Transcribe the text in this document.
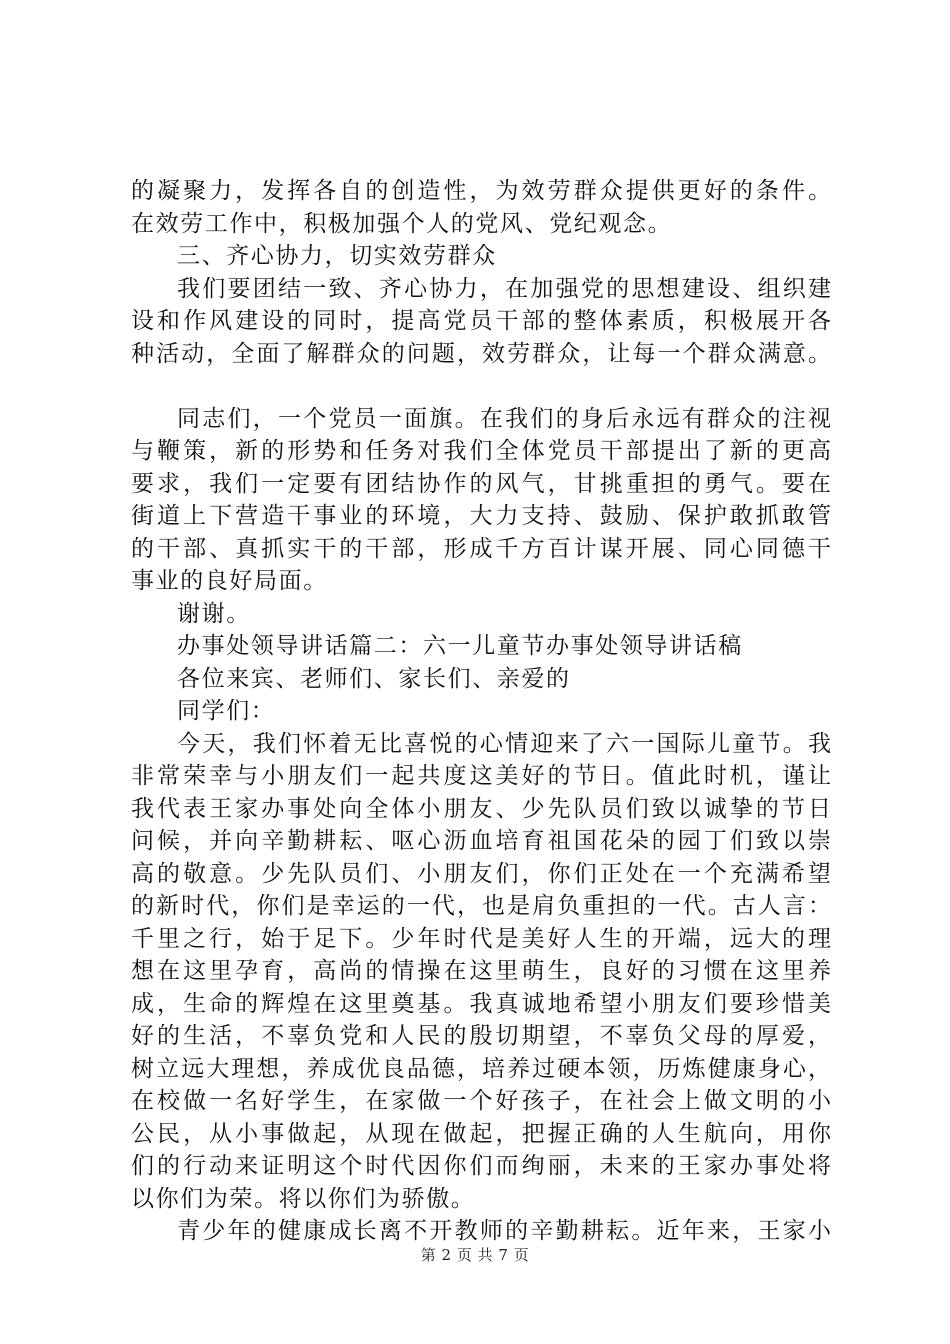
的凝聚力，发挥各自的创造性，为效劳群众提供更好的条件。
在效劳工作中，积极加强个人的党风、党纪观念。
三、齐心协力，切实效劳群众
我们要团结一致、齐心协力，在加强党的思想建设、组织建
设和作风建设的同时，提高党员干部的整体素质，积极展开各
种活动，全面了解群众的问题，效劳群众，让每一个群众满意。
同志们，一个党员一面旗。在我们的身后永远有群众的注视
与鞭策，新的形势和任务对我们全体党员干部提出了新的更高
要求，我们一定要有团结协作的风气，甘挑重担的勇气。要在
街道上下营造干事业的环境，大力支持、鼓励、保护敢抓敢管
的干部、真抓实干的干部，形成千方百计谋开展、同心同德干
事业的良好局面。
谢谢。
办事处领导讲话篇二：六一儿童节办事处领导讲话稿
各位来宾、老师们、家长们、亲爱的
同学们：
今天，我们怀着无比喜悦的心情迎来了六一国际儿童节。我
非常荣幸与小朋友们一起共度这美好的节日。值此时机，谨让
我代表王家办事处向全体小朋友、少先队员们致以诚挚的节日
问候，并向辛勤耕耘、呕心沥血培育祖国花朵的园丁们致以崇
高的敬意。少先队员们、小朋友们，你们正处在一个充满希望
的新时代，你们是幸运的一代，也是肩负重担的一代。古人言：
千里之行，始于足下。少年时代是美好人生的开端，远大的理
想在这里孕育，高尚的情操在这里萌生，良好的习惯在这里养
成，生命的辉煌在这里奠基。我真诚地希望小朋友们要珍惜美
好的生活，不辜负党和人民的殷切期望，不辜负父母的厚爱，
树立远大理想，养成优良品德，培养过硬本领，历炼健康身心，
在校做一名好学生，在家做一个好孩子，在社会上做文明的小
公民，从小事做起，从现在做起，把握正确的人生航向，用你
们的行动来证明这个时代因你们而绚丽，未来的王家办事处将
以你们为荣。将以你们为骄傲。
青少年的健康成长离不开教师的辛勤耕耘。近年来，王家小
第 2 页 共 7 页
